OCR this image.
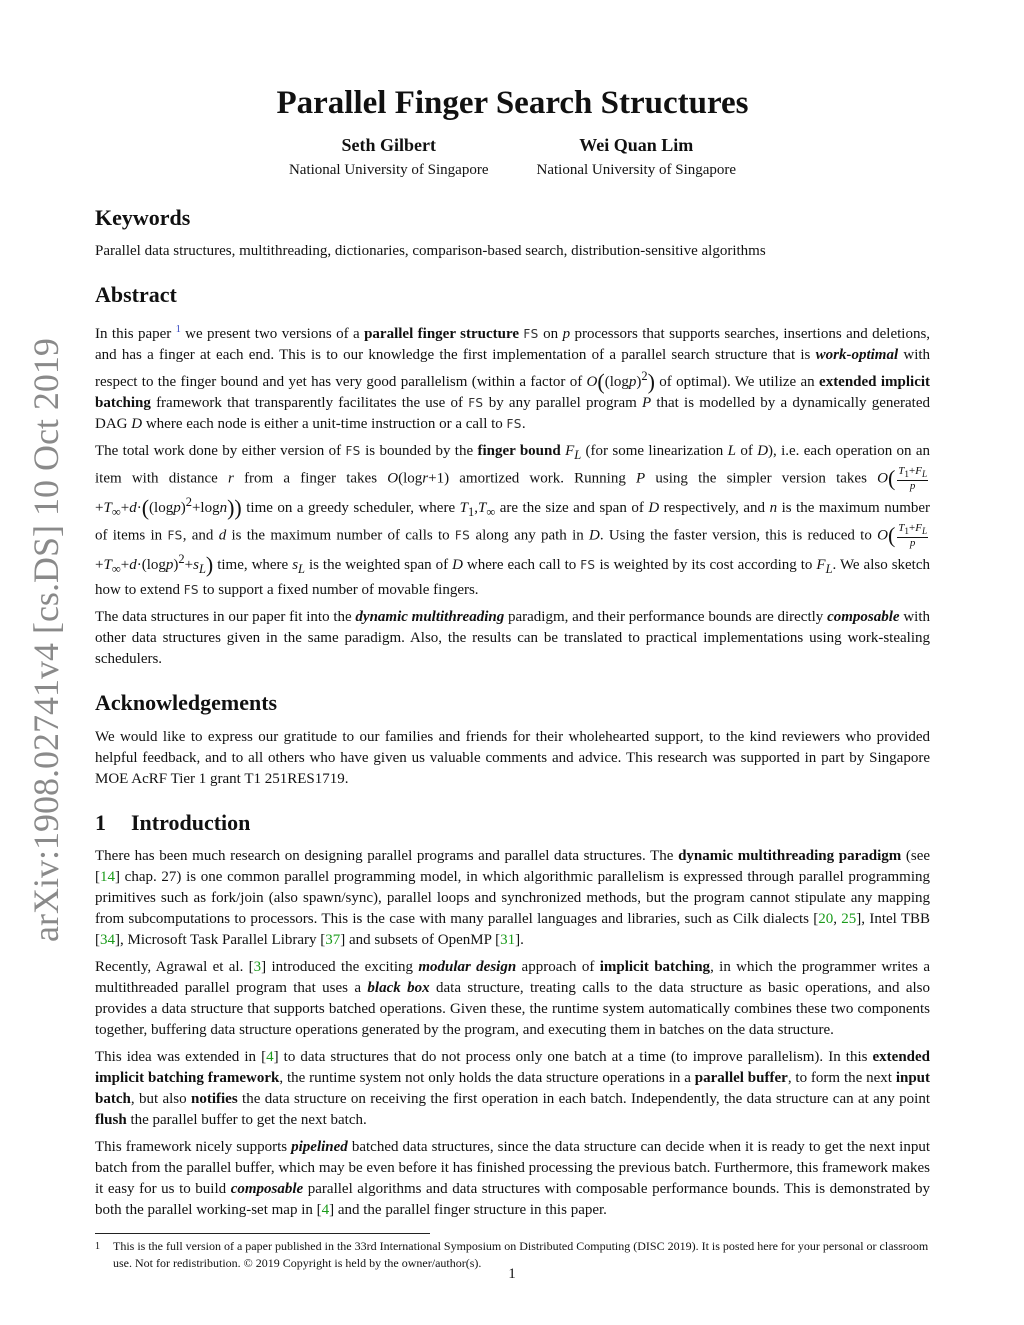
arXiv:1908.02741v4 [cs.DS] 10 Oct 2019
Parallel Finger Search Structures
Seth Gilbert
National University of Singapore
Wei Quan Lim
National University of Singapore
Keywords

Parallel data structures, multithreading, dictionaries, comparison-based search, distribution-sensitive algorithms

Abstract

In this paper $^1$ we present two versions of a parallel finger structure FS on p processors that supports searches, insertions and deletions, and has a finger at each end. This is to our knowledge the first implementation of a parallel search structure that is work-optimal with respect to the finger bound and yet has very good parallelism (within a factor of $O((\log p)^2)$ of optimal). We utilize an extended implicit batching framework that transparently facilitates the use of FS by any parallel program P that is modelled by a dynamically generated DAG D where each node is either a unit-time instruction or a call to FS.

The total work done by either version of FS is bounded by the finger bound $F_L$ (for some linearization L of D), i.e. each operation on an item with distance r from a finger takes O(logr+1) amortized work. Running P using the simpler version takes $O( \frac{T_1+F_L}{p}$
$+T_\infty+d\cdot((\log p)^2+\log n)$) time on a greedy scheduler, where $T_1,T_\infty$ are the size and span of D respectively, and n is the maximum number of items in FS, and d is the maximum number of calls to FS along any path in D. Using the faster version, this is reduced to $O( \frac{T_1+F_L}{p}$
$+T_\infty+d\cdot(\log p)^2+s_L$) time, where $s_L$ is the weighted span of D where each call to FS is weighted by its cost according to $F_L$. We also sketch how to extend FS to support a fixed number of movable fingers.

The data structures in our paper fit into the dynamic multithreading paradigm, and their performance bounds are directly composable with other data structures given in the same paradigm. Also, the results can be translated to practical implementations using work-stealing schedulers.

Acknowledgements

We would like to express our gratitude to our families and friends for their wholehearted support, to the kind reviewers who provided helpful feedback, and to all others who have given us valuable comments and advice. This research was supported in part by Singapore MOE AcRF Tier 1 grant T1 251RES1719.

1 Introduction

There has been much research on designing parallel programs and parallel data structures. The dynamic multithreading paradigm (see [14] chap. 27) is one common parallel programming model, in which algorithmic parallelism is expressed through parallel programming primitives such as fork/join (also spawn/sync), parallel loops and synchronized methods, but the program cannot stipulate any mapping from subcomputations to processors. This is the case with many parallel languages and libraries, such as Cilk dialects [20, 25], Intel TBB [34], Microsoft Task Parallel Library [37] and subsets of OpenMP [31].

Recently, Agrawal et al. [3] introduced the exciting modular design approach of implicit batching, in which the programmer writes a multithreaded parallel program that uses a black box data structure, treating calls to the data structure as basic operations, and also provides a data structure that supports batched operations. Given these, the runtime system automatically combines these two components together, buffering data structure operations generated by the program, and executing them in batches on the data structure.

This idea was extended in [4] to data structures that do not process only one batch at a time (to improve parallelism). In this extended implicit batching framework, the runtime system not only holds the data structure operations in a parallel buffer, to form the next input batch, but also notifies the data structure on receiving the first operation in each batch. Independently, the data structure can at any point flush the parallel buffer to get the next batch.

This framework nicely supports pipelined batched data structures, since the data structure can decide when it is ready to get the next input batch from the parallel buffer, which may be even before it has finished processing the previous batch. Furthermore, this framework makes it easy for us to build composable parallel algorithms and data structures with composable performance bounds. This is demonstrated by both the parallel working-set map in [4] and the parallel finger structure in this paper.

1	This is the full version of a paper published in the 33rd International Symposium on Distributed Computing (DISC 2019). It is posted here for your personal or classroom use. Not for redistribution. © 2019 Copyright is held by the owner/author(s).
1
